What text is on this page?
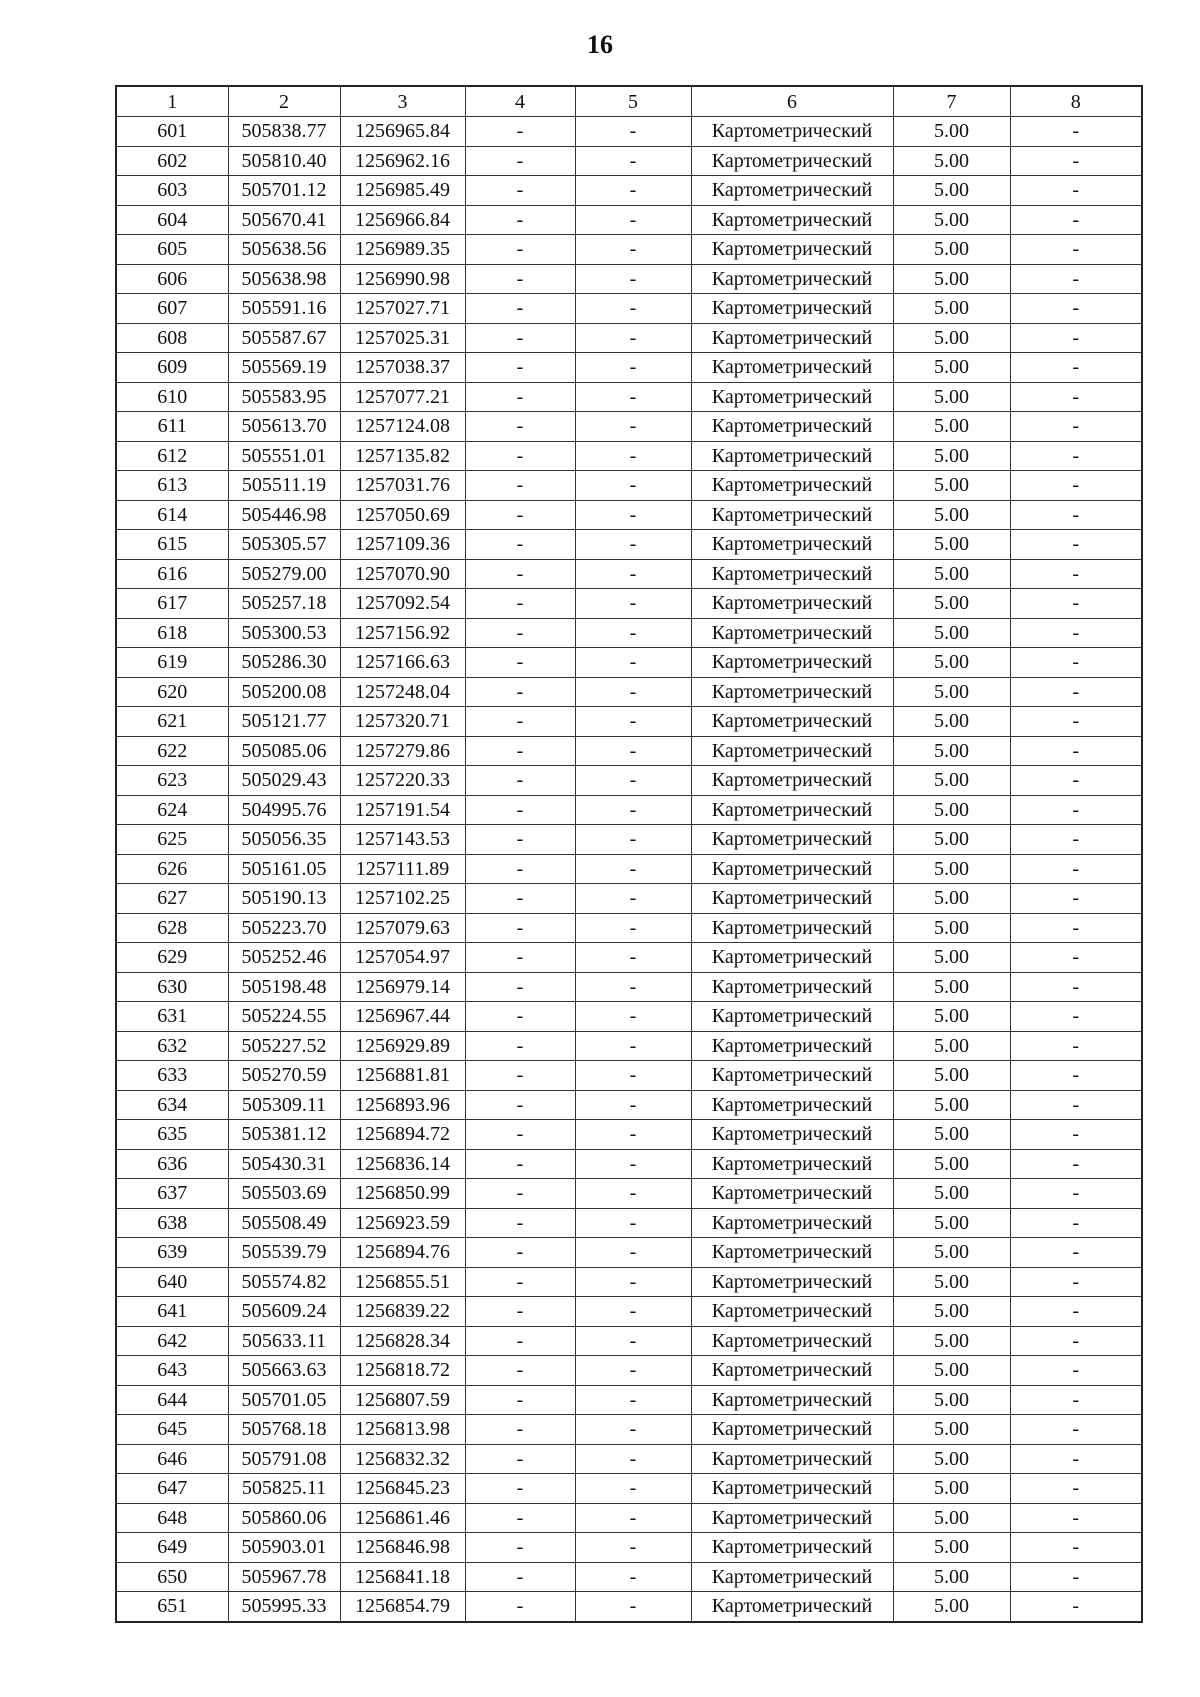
16
1	2	3	4	5	6	7	8
601	505838.77	1256965.84	-	-	Картометрический	5.00	-
602	505810.40	1256962.16	-	-	Картометрический	5.00	-
603	505701.12	1256985.49	-	-	Картометрический	5.00	-
604	505670.41	1256966.84	-	-	Картометрический	5.00	-
605	505638.56	1256989.35	-	-	Картометрический	5.00	-
606	505638.98	1256990.98	-	-	Картометрический	5.00	-
607	505591.16	1257027.71	-	-	Картометрический	5.00	-
608	505587.67	1257025.31	-	-	Картометрический	5.00	-
609	505569.19	1257038.37	-	-	Картометрический	5.00	-
610	505583.95	1257077.21	-	-	Картометрический	5.00	-
611	505613.70	1257124.08	-	-	Картометрический	5.00	-
612	505551.01	1257135.82	-	-	Картометрический	5.00	-
613	505511.19	1257031.76	-	-	Картометрический	5.00	-
614	505446.98	1257050.69	-	-	Картометрический	5.00	-
615	505305.57	1257109.36	-	-	Картометрический	5.00	-
616	505279.00	1257070.90	-	-	Картометрический	5.00	-
617	505257.18	1257092.54	-	-	Картометрический	5.00	-
618	505300.53	1257156.92	-	-	Картометрический	5.00	-
619	505286.30	1257166.63	-	-	Картометрический	5.00	-
620	505200.08	1257248.04	-	-	Картометрический	5.00	-
621	505121.77	1257320.71	-	-	Картометрический	5.00	-
622	505085.06	1257279.86	-	-	Картометрический	5.00	-
623	505029.43	1257220.33	-	-	Картометрический	5.00	-
624	504995.76	1257191.54	-	-	Картометрический	5.00	-
625	505056.35	1257143.53	-	-	Картометрический	5.00	-
626	505161.05	1257111.89	-	-	Картометрический	5.00	-
627	505190.13	1257102.25	-	-	Картометрический	5.00	-
628	505223.70	1257079.63	-	-	Картометрический	5.00	-
629	505252.46	1257054.97	-	-	Картометрический	5.00	-
630	505198.48	1256979.14	-	-	Картометрический	5.00	-
631	505224.55	1256967.44	-	-	Картометрический	5.00	-
632	505227.52	1256929.89	-	-	Картометрический	5.00	-
633	505270.59	1256881.81	-	-	Картометрический	5.00	-
634	505309.11	1256893.96	-	-	Картометрический	5.00	-
635	505381.12	1256894.72	-	-	Картометрический	5.00	-
636	505430.31	1256836.14	-	-	Картометрический	5.00	-
637	505503.69	1256850.99	-	-	Картометрический	5.00	-
638	505508.49	1256923.59	-	-	Картометрический	5.00	-
639	505539.79	1256894.76	-	-	Картометрический	5.00	-
640	505574.82	1256855.51	-	-	Картометрический	5.00	-
641	505609.24	1256839.22	-	-	Картометрический	5.00	-
642	505633.11	1256828.34	-	-	Картометрический	5.00	-
643	505663.63	1256818.72	-	-	Картометрический	5.00	-
644	505701.05	1256807.59	-	-	Картометрический	5.00	-
645	505768.18	1256813.98	-	-	Картометрический	5.00	-
646	505791.08	1256832.32	-	-	Картометрический	5.00	-
647	505825.11	1256845.23	-	-	Картометрический	5.00	-
648	505860.06	1256861.46	-	-	Картометрический	5.00	-
649	505903.01	1256846.98	-	-	Картометрический	5.00	-
650	505967.78	1256841.18	-	-	Картометрический	5.00	-
651	505995.33	1256854.79	-	-	Картометрический	5.00	-
